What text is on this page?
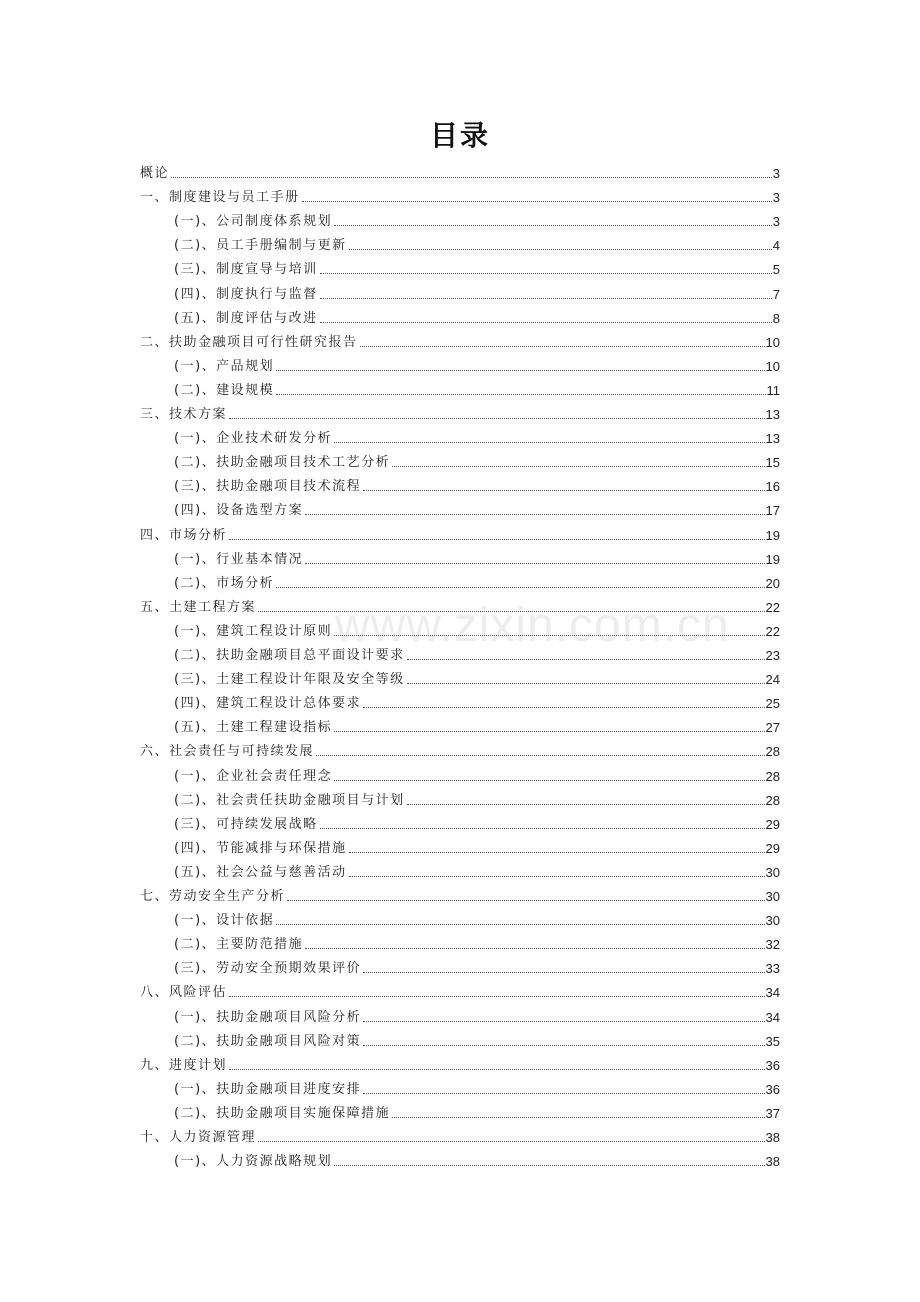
目录
www.zixin.com.cn
概论	3
一、制度建设与员工手册	3
(一)、公司制度体系规划	3
(二)、员工手册编制与更新	4
(三)、制度宣导与培训	5
(四)、制度执行与监督	7
(五)、制度评估与改进	8
二、扶助金融项目可行性研究报告	10
(一)、产品规划	10
(二)、建设规模	11
三、技术方案	13
(一)、企业技术研发分析	13
(二)、扶助金融项目技术工艺分析	15
(三)、扶助金融项目技术流程	16
(四)、设备选型方案	17
四、市场分析	19
(一)、行业基本情况	19
(二)、市场分析	20
五、土建工程方案	22
(一)、建筑工程设计原则	22
(二)、扶助金融项目总平面设计要求	23
(三)、土建工程设计年限及安全等级	24
(四)、建筑工程设计总体要求	25
(五)、土建工程建设指标	27
六、社会责任与可持续发展	28
(一)、企业社会责任理念	28
(二)、社会责任扶助金融项目与计划	28
(三)、可持续发展战略	29
(四)、节能减排与环保措施	29
(五)、社会公益与慈善活动	30
七、劳动安全生产分析	30
(一)、设计依据	30
(二)、主要防范措施	32
(三)、劳动安全预期效果评价	33
八、风险评估	34
(一)、扶助金融项目风险分析	34
(二)、扶助金融项目风险对策	35
九、进度计划	36
(一)、扶助金融项目进度安排	36
(二)、扶助金融项目实施保障措施	37
十、人力资源管理	38
(一)、人力资源战略规划	38
